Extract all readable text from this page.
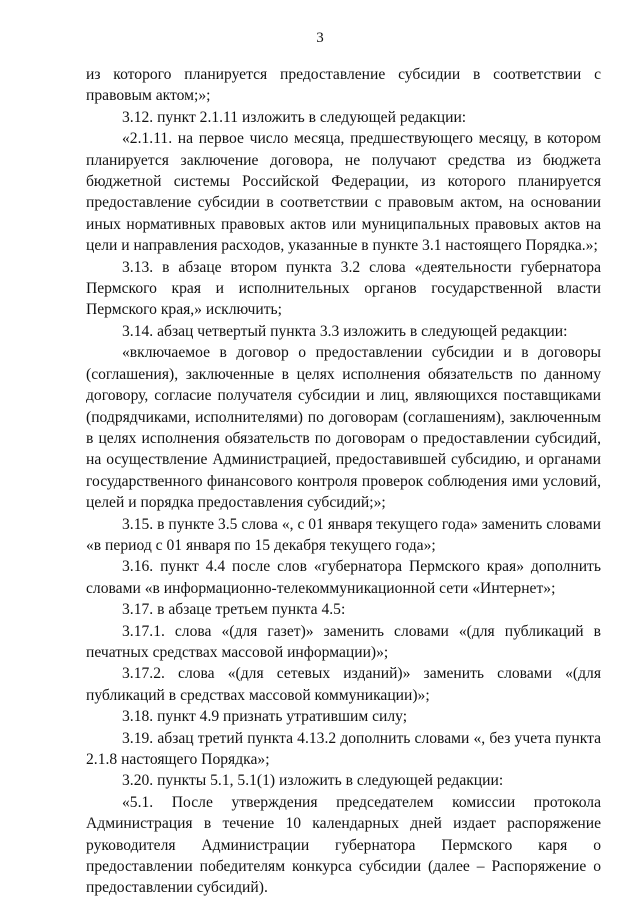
3

из которого планируется предоставление субсидии в соответствии с правовым актом;»;

3.12. пункт 2.1.11 изложить в следующей редакции:

«2.1.11. на первое число месяца, предшествующего месяцу, в котором планируется заключение договора, не получают средства из бюджета бюджетной системы Российской Федерации, из которого планируется предоставление субсидии в соответствии с правовым актом, на основании иных нормативных правовых актов или муниципальных правовых актов на цели и направления расходов, указанные в пункте 3.1 настоящего Порядка.»;

3.13. в абзаце втором пункта 3.2 слова «деятельности губернатора Пермского края и исполнительных органов государственной власти Пермского края,» исключить;

3.14. абзац четвертый пункта 3.3 изложить в следующей редакции:

«включаемое в договор о предоставлении субсидии и в договоры (соглашения), заключенные в целях исполнения обязательств по данному договору, согласие получателя субсидии и лиц, являющихся поставщиками (подрядчиками, исполнителями) по договорам (соглашениям), заключенным в целях исполнения обязательств по договорам о предоставлении субсидий, на осуществление Администрацией, предоставившей субсидию, и органами государственного финансового контроля проверок соблюдения ими условий, целей и порядка предоставления субсидий;»;

3.15. в пункте 3.5 слова «, с 01 января текущего года» заменить словами «в период с 01 января по 15 декабря текущего года»;

3.16. пункт 4.4 после слов «губернатора Пермского края» дополнить словами «в информационно-телекоммуникационной сети «Интернет»;

3.17. в абзаце третьем пункта 4.5:

3.17.1. слова «(для газет)» заменить словами «(для публикаций в печатных средствах массовой информации)»;

3.17.2. слова «(для сетевых изданий)» заменить словами «(для публикаций в средствах массовой коммуникации)»;

3.18. пункт 4.9 признать утратившим силу;

3.19. абзац третий пункта 4.13.2 дополнить словами «, без учета пункта 2.1.8 настоящего Порядка»;

3.20. пункты 5.1, 5.1(1) изложить в следующей редакции:

«5.1. После утверждения председателем комиссии протокола Администрация в течение 10 календарных дней издает распоряжение руководителя Администрации губернатора Пермского каря о предоставлении победителям конкурса субсидии (далее – Распоряжение о предоставлении субсидий).
